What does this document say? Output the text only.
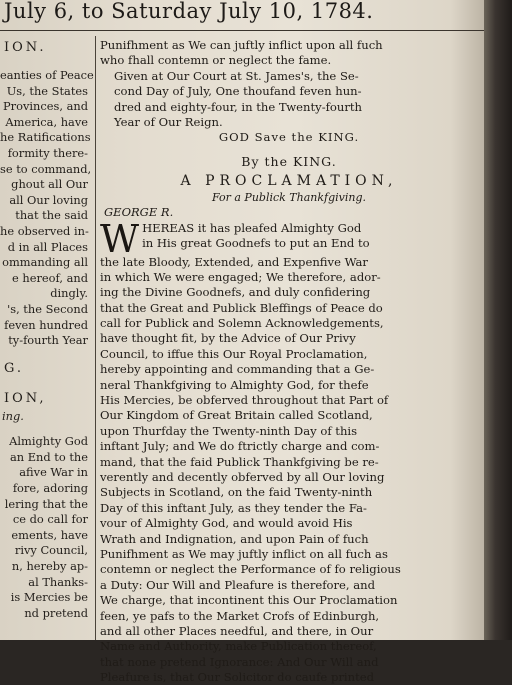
July 6, to Saturday July 10, 1784.
ION.
eanties of Peace
Us, the States
Provinces, and
America, have
he Ratifications
formity there-
se to command,
ghout all Our
all Our loving
that the said
he observed in-
d in all Places
ommanding all
e hereof, and
dingly.
's, the Second
feven hundred
ty-fourth Year
G.
ION,
ing.
Almighty God
an End to the
afive War in
fore, adoring
lering that the
ce do call for
ements, have
rivy Council,
n, hereby ap-
al Thanks-
is Mercies be
nd pretend
Punifhment as We can juftly inflict upon all fuch
who fhall contemn or neglect the fame.
Given at Our Court at St. James's, the Se-
cond Day of July, One thoufand feven hun-
dred and eighty-four, in the Twenty-fourth
Year of Our Reign.
GOD Save the KING.
By the KING.
A PROCLAMATION,
For a Publick Thankfgiving.
GEORGE R.
W HEREAS it has pleafed Almighty God
in His great Goodnefs to put an End to
the late Bloody, Extended, and Expenfive War
in which We were engaged; We therefore, ador-
ing the Divine Goodnefs, and duly confidering
that the Great and Publick Bleffings of Peace do
call for Publick and Solemn Acknowledgements,
have thought fit, by the Advice of Our Privy
Council, to iffue this Our Royal Proclamation,
hereby appointing and commanding that a Ge-
neral Thankfgiving to Almighty God, for thefe
His Mercies, be obferved throughout that Part of
Our Kingdom of Great Britain called Scotland,
upon Thurfday the Twenty-ninth Day of this
inftant July; and We do ftrictly charge and com-
mand, that the faid Publick Thankfgiving be re-
verently and decently obferved by all Our loving
Subjects in Scotland, on the faid Twenty-ninth
Day of this inftant July, as they tender the Fa-
vour of Almighty God, and would avoid His
Wrath and Indignation, and upon Pain of fuch
Punifhment as We may juftly inflict on all fuch as
contemn or neglect the Performance of fo religious
a Duty: Our Will and Pleafure is therefore, and
We charge, that incontinent this Our Proclamation
feen, ye pafs to the Market Crofs of Edinburgh,
and all other Places needful, and there, in Our
Name and Authority, make Publication thereof,
that none pretend Ignorance: And Our Will and
Pleafure is, that Our Solicitor do caufe printed
